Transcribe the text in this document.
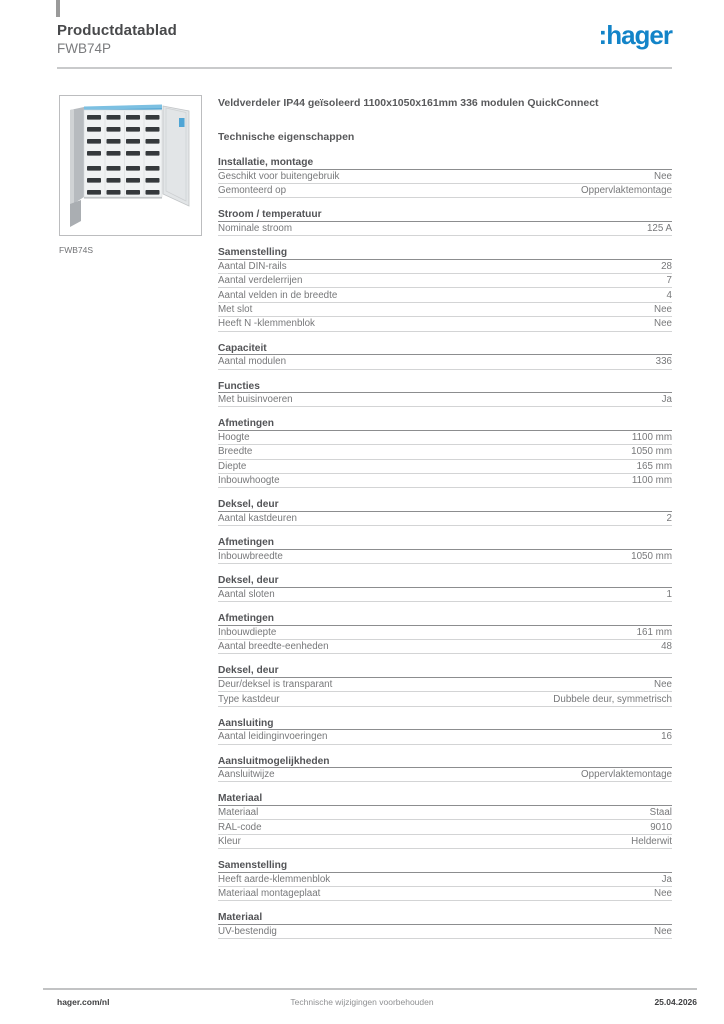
Productdatablad
FWB74P	:hager
FWB74S
Veldverdeler IP44 geïsoleerd 1100x1050x161mm 336 modulen QuickConnect
Technische eigenschappen
Installatie, montage
Geschikt voor buitengebruik	Nee
Gemonteerd op	Oppervlaktemontage
Stroom / temperatuur
Nominale stroom	125 A
Samenstelling
Aantal DIN-rails	28
Aantal verdelerrijen	7
Aantal velden in de breedte	4
Met slot	Nee
Heeft N -klemmenblok	Nee
Capaciteit
Aantal modulen	336
Functies
Met buisinvoeren	Ja
Afmetingen
Hoogte	1100 mm
Breedte	1050 mm
Diepte	165 mm
Inbouwhoogte	1100 mm
Deksel, deur
Aantal kastdeuren	2
Afmetingen
Inbouwbreedte	1050 mm
Deksel, deur
Aantal sloten	1
Afmetingen
Inbouwdiepte	161 mm
Aantal breedte-eenheden	48
Deksel, deur
Deur/deksel is transparant	Nee
Type kastdeur	Dubbele deur, symmetrisch
Aansluiting
Aantal leidinginvoeringen	16
Aansluitmogelijkheden
Aansluitwijze	Oppervlaktemontage
Materiaal
Materiaal	Staal
RAL-code	9010
Kleur	Helderwit
Samenstelling
Heeft aarde-klemmenblok	Ja
Materiaal montageplaat	Nee
Materiaal
UV-bestendig	Nee
hager.com/nl	Technische wijzigingen voorbehouden	25.04.2026
